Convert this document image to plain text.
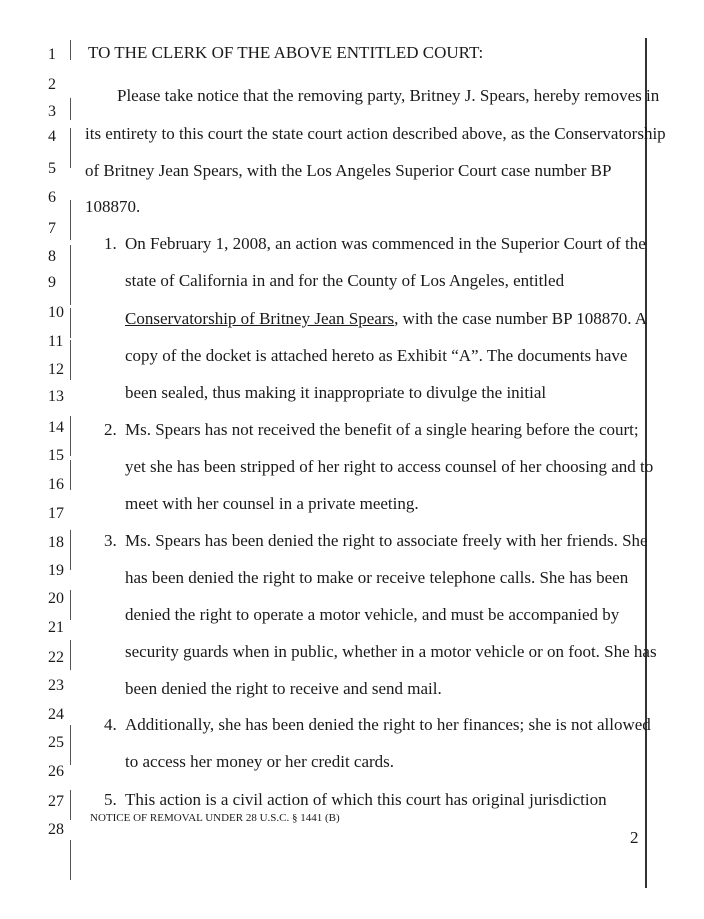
1
2
3
4
5
6
7
8
9
10
11
12
13
14
15
16
17
18
19
20
21
22
23
24
25
26
27
28
TO THE CLERK OF THE ABOVE ENTITLED COURT:
Please take notice that the removing party, Britney J. Spears, hereby removes in
its entirety to this court the state court action described above, as the Conservatorship
of Britney Jean Spears, with the Los Angeles Superior Court case number BP
108870.
1. On February 1, 2008, an action was commenced in the Superior Court of the
state of California in and for the County of Los Angeles, entitled
Conservatorship of Britney Jean Spears, with the case number BP 108870. A
copy of the docket is attached hereto as Exhibit “A”. The documents have
been sealed, thus making it inappropriate to divulge the initial
2. Ms. Spears has not received the benefit of a single hearing before the court;
yet she has been stripped of her right to access counsel of her choosing and to
meet with her counsel in a private meeting.
3. Ms. Spears has been denied the right to associate freely with her friends. She
has been denied the right to make or receive telephone calls. She has been
denied the right to operate a motor vehicle, and must be accompanied by
security guards when in public, whether in a motor vehicle or on foot. She has
been denied the right to receive and send mail.
4. Additionally, she has been denied the right to her finances; she is not allowed
to access her money or her credit cards.
5. This action is a civil action of which this court has original jurisdiction
NOTICE OF REMOVAL UNDER 28 U.S.C. § 1441 (B)
2
